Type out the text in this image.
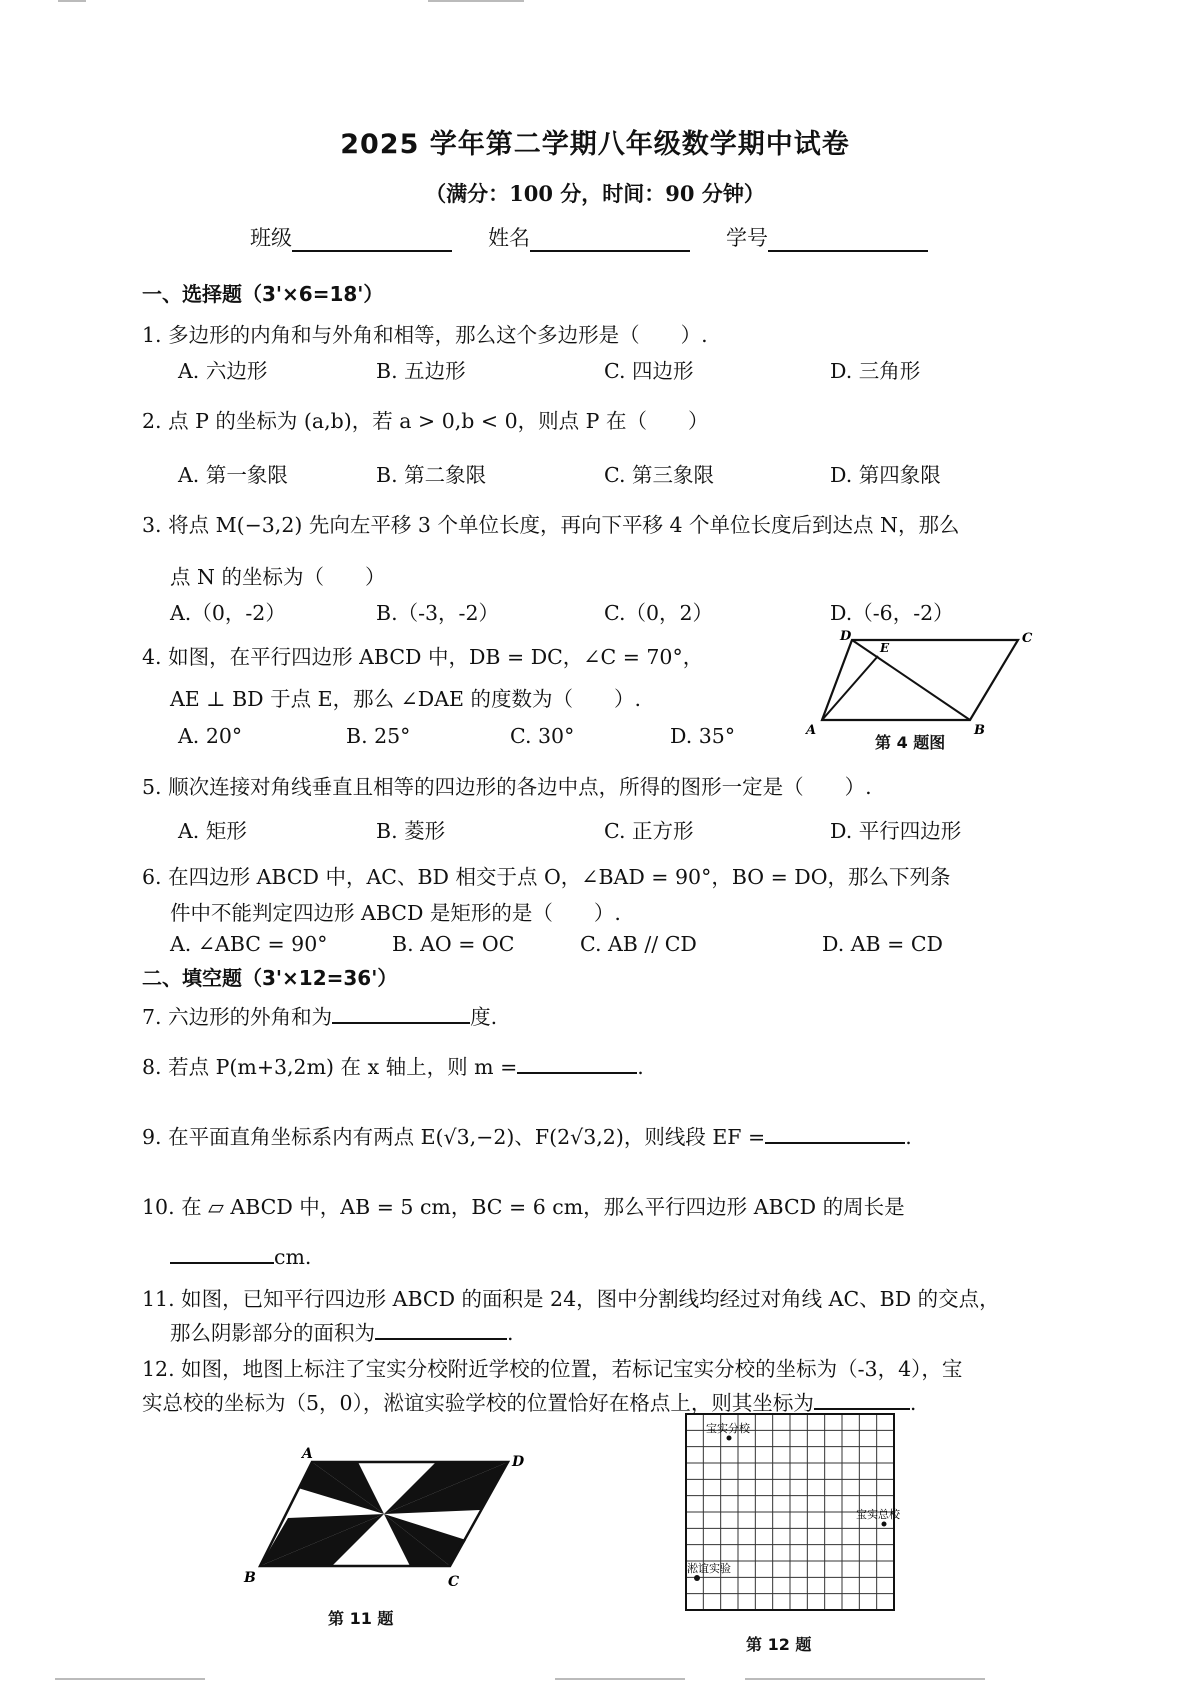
2025 学年第二学期八年级数学期中试卷
（满分：100 分，时间：90 分钟）
班级	姓名	学号
一、选择题（3'×6=18'）
1. 多边形的内角和与外角和相等，那么这个多边形是（　　）.
A. 六边形	B. 五边形	C. 四边形	D. 三角形
2. 点 P 的坐标为 (a,b)，若 a > 0,b < 0，则点 P 在（　　）
A. 第一象限	B. 第二象限	C. 第三象限	D. 第四象限
3. 将点 M(−3,2) 先向左平移 3 个单位长度，再向下平移 4 个单位长度后到达点 N，那么
点 N 的坐标为（　　）
A.（0，-2）	B.（-3，-2）	C.（0，2）	D.（-6，-2）
4. 如图，在平行四边形 ABCD 中，DB = DC，∠C = 70°，
AE ⊥ BD 于点 E，那么 ∠DAE 的度数为（　　）.
A. 20°	B. 25°	C. 30°	D. 35°
D
E
C
A	B
第 4 题图
5. 顺次连接对角线垂直且相等的四边形的各边中点，所得的图形一定是（　　）.
A. 矩形	B. 菱形	C. 正方形	D. 平行四边形
6. 在四边形 ABCD 中，AC、BD 相交于点 O，∠BAD = 90°，BO = DO，那么下列条
件中不能判定四边形 ABCD 是矩形的是（　　）.
A. ∠ABC = 90°	B. AO = OC	C. AB // CD	D. AB = CD
二、填空题（3'×12=36'）
7. 六边形的外角和为	度.
8. 若点 P(m+3,2m) 在 x 轴上，则 m =	.
9. 在平面直角坐标系内有两点 E(√3,−2)、F(2√3,2)，则线段 EF =	.
10. 在 ▱ ABCD 中，AB = 5 cm，BC = 6 cm，那么平行四边形 ABCD 的周长是
cm.
11. 如图，已知平行四边形 ABCD 的面积是 24，图中分割线均经过对角线 AC、BD 的交点，
那么阴影部分的面积为	.
12. 如图，地图上标注了宝实分校附近学校的位置，若标记宝实分校的坐标为（-3，4），宝
实总校的坐标为（5，0），淞谊实验学校的位置恰好在格点上，则其坐标为	.
A	D
B	C
第 11 题
宝实分校
宝实总校
淞谊实验
第 12 题
